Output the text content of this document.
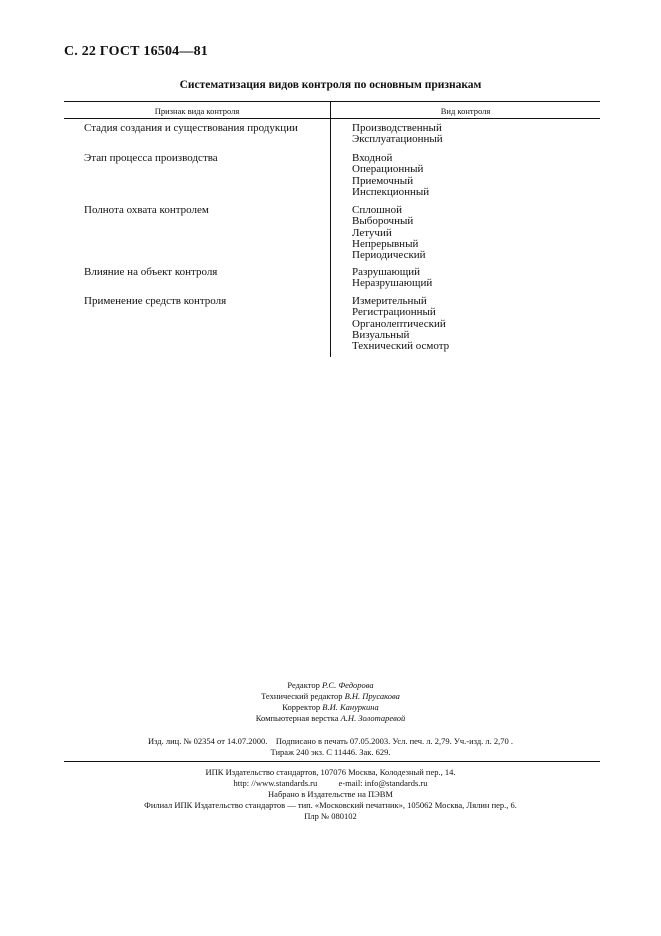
С. 22 ГОСТ 16504—81
Систематизация видов контроля по основным признакам
Признак вида контроля	Вид контроля
Стадия создания и существования продукции	Производственный
Эксплуатационный
Этап процесса производства	Входной
Операционный
Приемочный
Инспекционный
Полнота охвата контролем	Сплошной
Выборочный
Летучий
Непрерывный
Периодический
Влияние на объект контроля	Разрушающий
Неразрушающий
Применение средств контроля	Измерительный
Регистрационный
Органолептический
Визуальный
Технический осмотр
Редактор Р.С. Федорова
Технический редактор В.Н. Прусакова
Корректор В.И. Кануркина
Компьютерная верстка А.Н. Золотаревой
Изд. лиц. № 02354 от 14.07.2000.    Подписано в печать 07.05.2003. Усл. печ. л. 2,79. Уч.-изд. л. 2,70 .
Тираж 240 экз. С 11446. Зак. 629.
ИПК Издательство стандартов, 107076 Москва, Колодезный пер., 14.
http: //www.standards.ru          e-mail: info@standards.ru
Набрано в Издательстве на ПЭВМ
Филиал ИПК Издательство стандартов — тип. «Московский печатник», 105062 Москва, Лялин пер., 6.
Плр № 080102
